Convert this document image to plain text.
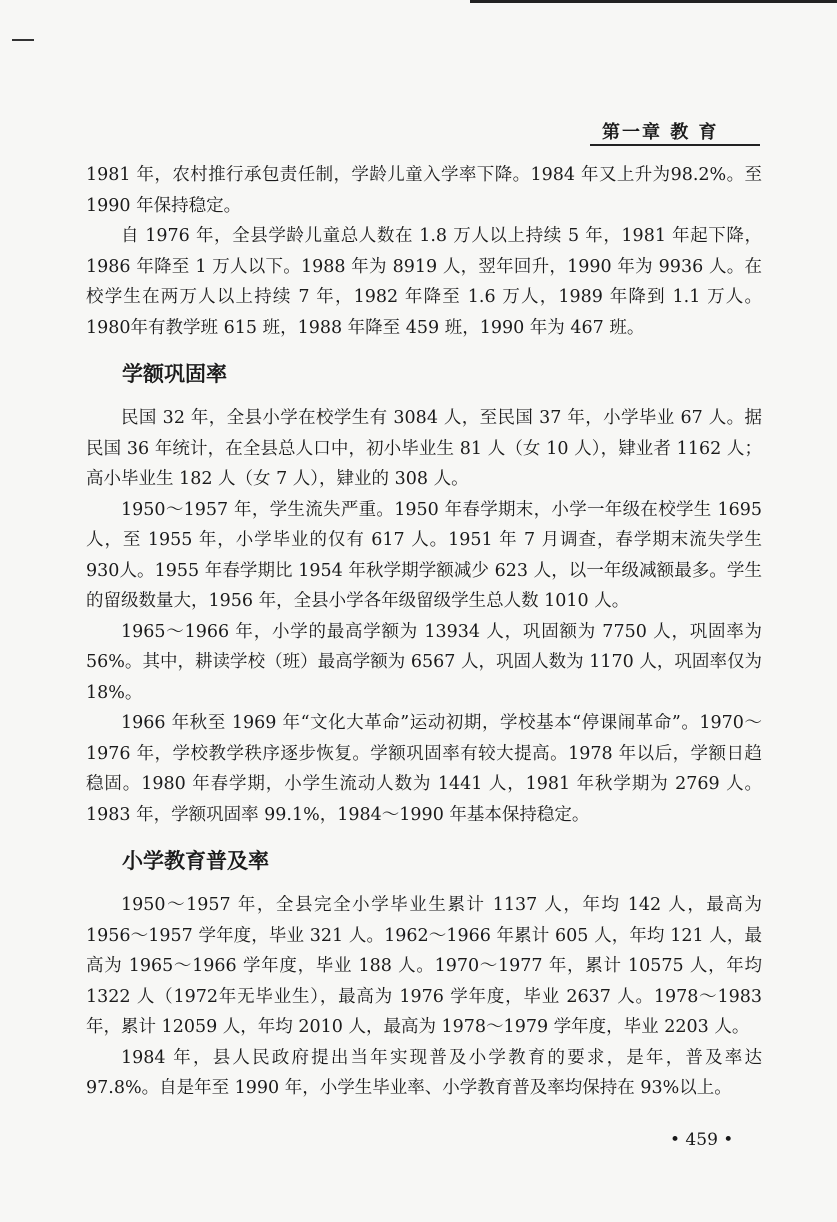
第一章 教 育

1981 年，农村推行承包责任制，学龄儿童入学率下降。1984 年又上升为98.2%。至 1990 年保持稳定。

自 1976 年，全县学龄儿童总人数在 1.8 万人以上持续 5 年，1981 年起下降，1986 年降至 1 万人以下。1988 年为 8919 人，翌年回升，1990 年为 9936 人。在校学生在两万人以上持续 7 年，1982 年降至 1.6 万人，1989 年降到 1.1 万人。1980年有教学班 615 班，1988 年降至 459 班，1990 年为 467 班。

学额巩固率

民国 32 年，全县小学在校学生有 3084 人，至民国 37 年，小学毕业 67 人。据民国 36 年统计，在全县总人口中，初小毕业生 81 人（女 10 人），肄业者 1162 人；高小毕业生 182 人（女 7 人），肄业的 308 人。

1950～1957 年，学生流失严重。1950 年春学期末，小学一年级在校学生 1695人，至 1955 年，小学毕业的仅有 617 人。1951 年 7 月调查，春学期末流失学生 930人。1955 年春学期比 1954 年秋学期学额减少 623 人，以一年级减额最多。学生的留级数量大，1956 年，全县小学各年级留级学生总人数 1010 人。

1965～1966 年，小学的最高学额为 13934 人，巩固额为 7750 人，巩固率为56%。其中，耕读学校（班）最高学额为 6567 人，巩固人数为 1170 人，巩固率仅为 18%。

1966 年秋至 1969 年“文化大革命”运动初期，学校基本“停课闹革命”。1970～1976 年，学校教学秩序逐步恢复。学额巩固率有较大提高。1978 年以后，学额日趋稳固。1980 年春学期，小学生流动人数为 1441 人，1981 年秋学期为 2769 人。1983 年，学额巩固率 99.1%，1984～1990 年基本保持稳定。

小学教育普及率

1950～1957 年，全县完全小学毕业生累计 1137 人，年均 142 人，最高为 1956～1957 学年度，毕业 321 人。1962～1966 年累计 605 人，年均 121 人，最高为 1965～1966 学年度，毕业 188 人。1970～1977 年，累计 10575 人，年均 1322 人（1972年无毕业生），最高为 1976 学年度，毕业 2637 人。1978～1983 年，累计 12059 人，年均 2010 人，最高为 1978～1979 学年度，毕业 2203 人。

1984 年，县人民政府提出当年实现普及小学教育的要求，是年，普及率达97.8%。自是年至 1990 年，小学生毕业率、小学教育普及率均保持在 93%以上。

• 459 •
